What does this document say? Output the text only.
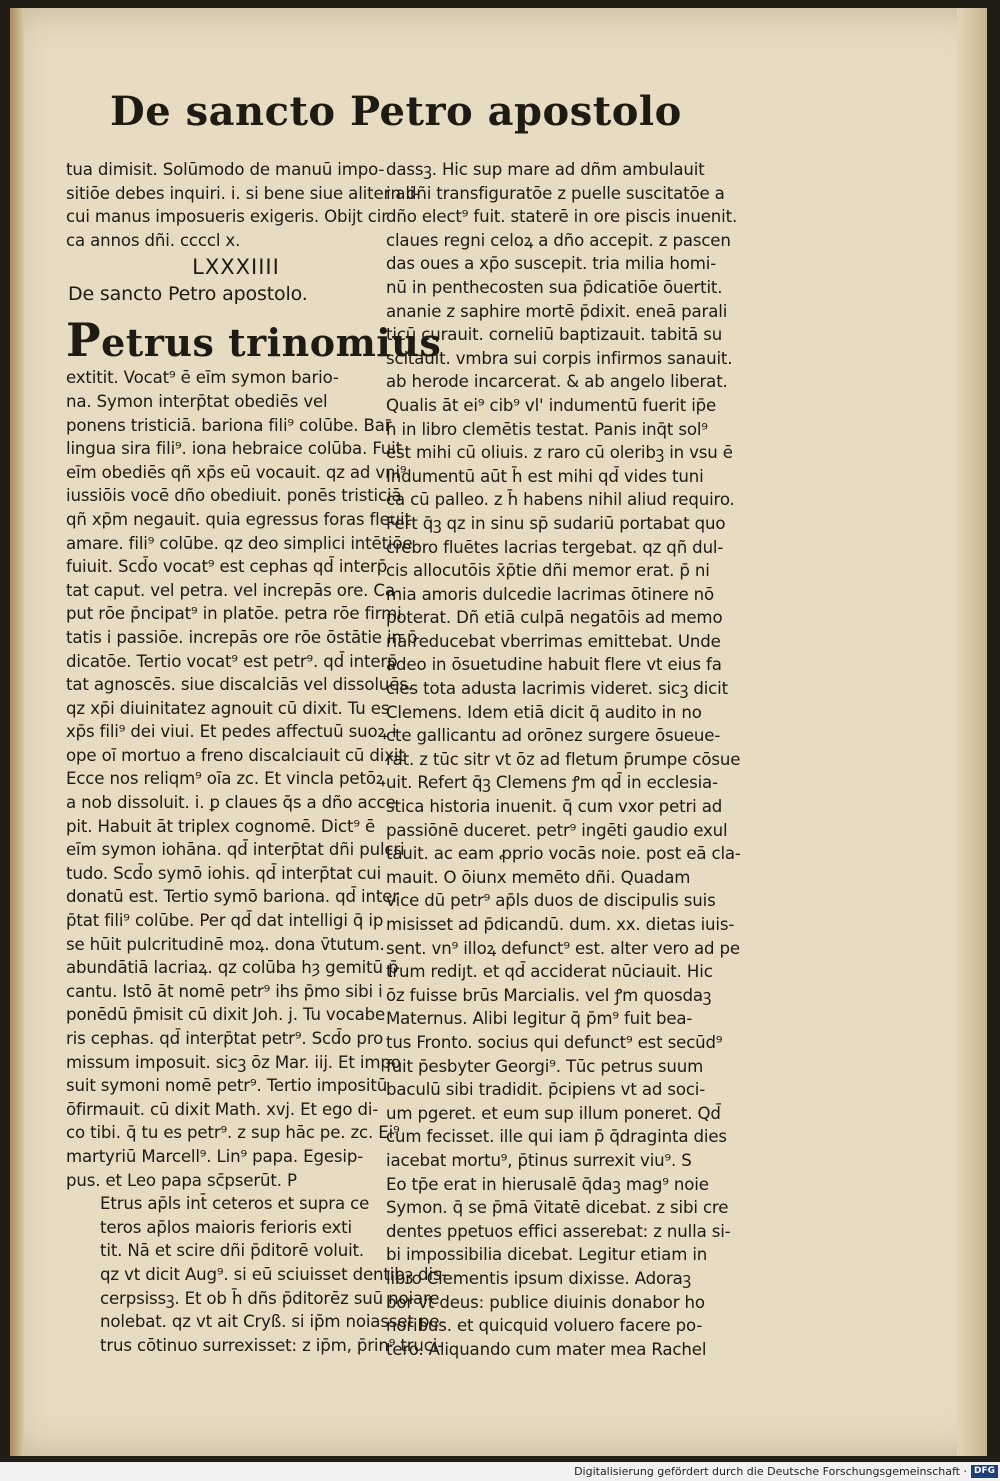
De sancto Petro apostolo
tua dimisit. Solūmodo de manuū impo-
sitiōe debes inquiri. i. si bene siue aliter ali-
cui manus imposueris exigeris. Obijt cir
ca annos dñi. ccccl x.
LXXXIIII
De sancto Petro apostolo.
Petrus trinomius
extitit. Vocat⁹ ē eīm symon bario-
na. Symon interp̄tat obediēs vel
ponens tristiciā. bariona fili⁹ colūbe. Bar
lingua sira fili⁹. iona hebraice colūba. Fuit
eīm obediēs qñ xp̄s eū vocauit. qz ad vni⁹
iussiōis vocē dño obediuit. ponēs tristiciā
qñ xp̄m negauit. quia egressus foras fleuit
amare. fili⁹ colūbe. qz deo simplici intētiōe
fuiuit. Scd̄o vocat⁹ est cephas qd̄ interp̄
tat caput. vel petra. vel increpās ore. Ca-
put rōe p̄ncipat⁹ in platōe. petra rōe firmi
tatis i passiōe. increpās ore rōe ōstātie in p̄
dicatōe. Tertio vocat⁹ est petr⁹. qd̄ interp̄
tat agnoscēs. siue discalciās vel dissoluēs.
qz xp̄i diuinitatez agnouit cū dixit. Tu es
xp̄s fili⁹ dei viui. Et pedes affectuū suoꝝ i
ope oī mortuo a freno discalciauit cū dixit
Ecce nos reliqm⁹ oīa zc. Et vincla petōꝝ
a nob dissoluit. i. ꝑ claues q̄s a dño acce
pit. Habuit āt triplex cognomē. Dict⁹ ē
eīm symon iohāna. qd̄ interp̄tat dñi pulcri
tudo. Scd̄o symō iohis. qd̄ interp̄tat cui
donatū est. Tertio symō bariona. qd̄ inter
p̄tat fili⁹ colūbe. Per qd̄ dat intelligi q̄ ip
se hūit pulcritudinē moꝝ. dona v̄tutum.
abundātiā lacriaꝝ. qz colūba hȝ gemitū p̄
cantu. Istō āt nomē petr⁹ ihs p̄mo sibi i
ponēdū p̄misit cū dixit Joh. j. Tu vocabe
ris cephas. qd̄ interp̄tat petr⁹. Scd̄o pro
missum imposuit. sicꝫ ōz Mar. iij. Et impo
suit symoni nomē petr⁹. Tertio impositū
ōfirmauit. cū dixit Math. xvj. Et ego di-
co tibi. q̄ tu es petr⁹. z sup hāc pe. zc. Ei⁹
martyriū Marcell⁹. Lin⁹ papa. Egesip-
pus. et Leo papa sc̄pserūt. P
Etrus ap̄ls int̄ ceteros et supra ce
teros ap̄los maioris ferioris exti
tit. Nā et scire dñi p̄ditorē voluit.
qz vt dicit Aug⁹. si eū sciuisset dentibꝫ dis-
cerpsissꝫ. Et ob h̄ dñs p̄ditorēz suū noiare
nolebat. qz vt ait Cryß. si ip̄m noiasset pe-
trus cōtinuo surrexisset: z ip̄m, p̄rin⁹ truci-
dassꝫ. Hic sup mare ad dñm ambulauit
in dñi transfiguratōe z puelle suscitatōe a
dño elect⁹ fuit. staterē in ore piscis inuenit.
claues regni celoꝝ a dño accepit. z pascen
das oues a xp̄o suscepit. tria milia homi-
nū in penthecosten sua p̄dicatiōe ōuertit.
ananie z saphire mortē p̄dixit. eneā parali
ticū curauit. corneliū baptizauit. tabitā su
scitauit. vmbra sui corpis infirmos sanauit.
ab herode incarcerat. & ab angelo liberat.
Qualis āt ei⁹ cib⁹ vl' indumentū fuerit ip̄e
h̄ in libro clemētis testat. Panis inq̄t sol⁹
est mihi cū oliuis. z raro cū oleribꝫ in vsu ē
Indumentū aūt h̄ est mihi qd̄ vides tuni
ca cū palleo. z h̄ habens nihil aliud requiro.
Fert q̄ꝫ qz in sinu sp̄ sudariū portabat quo
crebro fluētes lacrias tergebat. qz qñ dul-
cis allocutōis x̄p̄tie dñi memor erat. p̄ ni
mia amoris dulcedie lacrimas ōtinere nō
poterat. Dñ etiā culpā negatōis ad memo
riā reducebat vberrimas emittebat. Unde
adeo in ōsuetudine habuit flere vt eius fa
cies tota adusta lacrimis videret. sicꝫ dicit
Clemens. Idem etiā dicit q̄ audito in no
cte gallicantu ad orōnez surgere ōsueue-
rat. z tūc sitr vt ōz ad fletum p̄rumpe cōsue
uit. Refert q̄ꝫ Clemens ꝭm qd̄ in ecclesia-
stica historia inuenit. q̄ cum vxor petri ad
passiōnē duceret. petr⁹ ingēti gaudio exul
tauit. ac eam ꝓprio vocās noie. post eā cla-
mauit. O ōiunx memēto dñi. Quadam
vice dū petr⁹ ap̄ls duos de discipulis suis
misisset ad p̄dicandū. dum. xx. dietas iuis-
sent. vn⁹ illoꝝ defunct⁹ est. alter vero ad pe
trum rediȷt. et qd̄ acciderat nūciauit. Hic
ōz fuisse brūs Marcialis. vel ꝭm quosdaꝫ
Maternus. Alibi legitur q̄ p̄m⁹ fuit bea-
tus Fronto. socius qui defunct⁹ est secūd⁹
fuit p̄esbyter Georgi⁹. Tūc petrus suum
baculū sibi tradidit. p̄cipiens vt ad soci-
um pgeret. et eum sup illum poneret. Qd̄
cum fecisset. ille qui iam p̄ q̄draginta dies
iacebat mortu⁹, p̄tinus surrexit viu⁹. S
Eo tp̄e erat in hierusalē q̄daꝫ mag⁹ noie
Symon. q̄ se p̄mā v̄itatē dicebat. z sibi cre
dentes ppetuos effici asserebat: z nulla si-
bi impossibilia dicebat. Legitur etiam in
libro Clementis ipsum dixisse. Adoraꝫ
bor vt deus: publice diuinis donabor ho
noribus. et quicquid voluero facere po-
tero. Aliquando cum mater mea Rachel
Digitalisierung gefördert durch die Deutsche Forschungsgemeinschaft · DFG
